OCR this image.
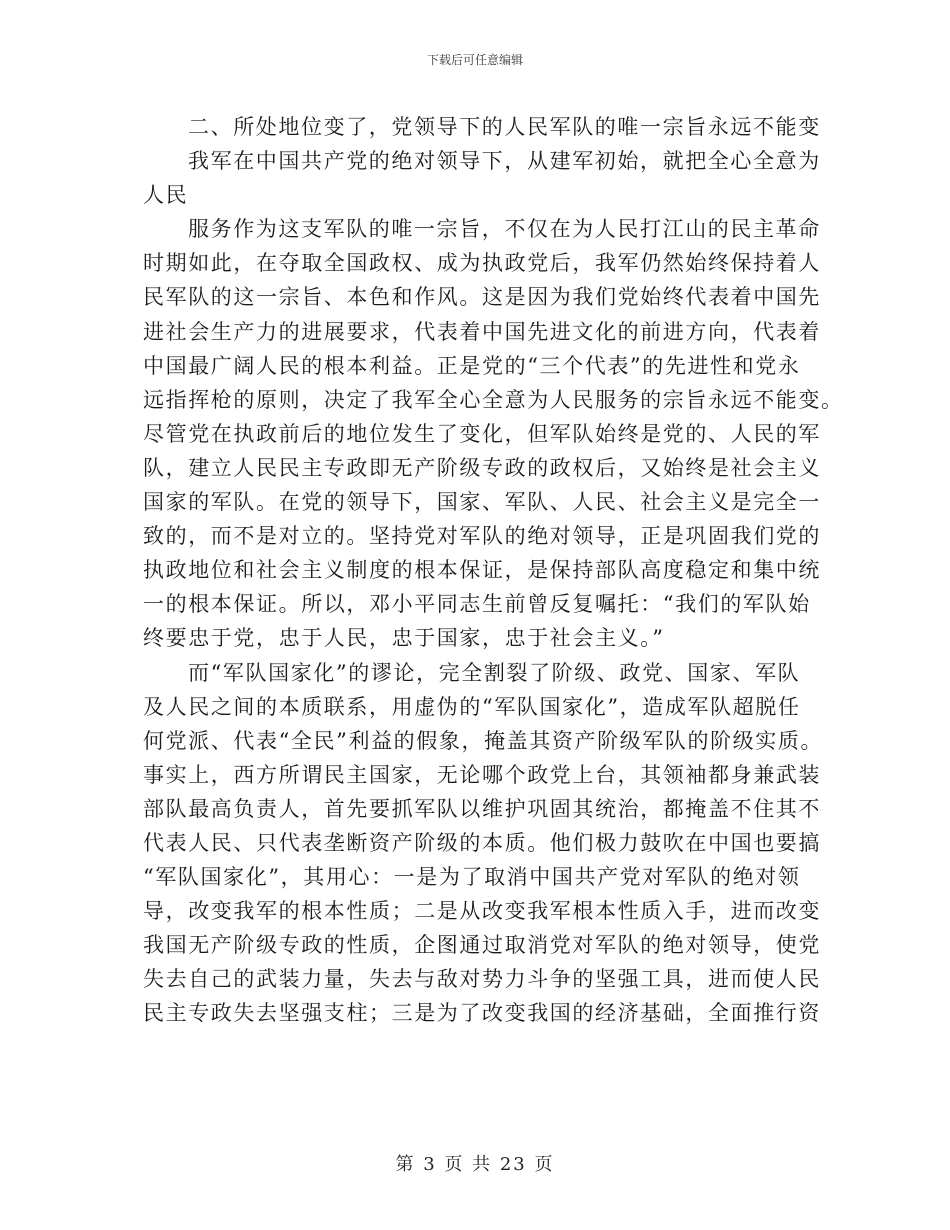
下载后可任意编辑
二、所处地位变了，党领导下的人民军队的唯一宗旨永远不能变
我军在中国共产党的绝对领导下，从建军初始，就把全心全意为
人民
服务作为这支军队的唯一宗旨，不仅在为人民打江山的民主革命
时期如此，在夺取全国政权、成为执政党后，我军仍然始终保持着人
民军队的这一宗旨、本色和作风。这是因为我们党始终代表着中国先
进社会生产力的进展要求，代表着中国先进文化的前进方向，代表着
中国最广阔人民的根本利益。正是党的“三个代表”的先进性和党永
远指挥枪的原则，决定了我军全心全意为人民服务的宗旨永远不能变。
尽管党在执政前后的地位发生了变化，但军队始终是党的、人民的军
队，建立人民民主专政即无产阶级专政的政权后，又始终是社会主义
国家的军队。在党的领导下，国家、军队、人民、社会主义是完全一
致的，而不是对立的。坚持党对军队的绝对领导，正是巩固我们党的
执政地位和社会主义制度的根本保证，是保持部队高度稳定和集中统
一的根本保证。所以，邓小平同志生前曾反复嘱托：“我们的军队始
终要忠于党，忠于人民，忠于国家，忠于社会主义。”
而“军队国家化”的谬论，完全割裂了阶级、政党、国家、军队
及人民之间的本质联系，用虚伪的“军队国家化”，造成军队超脱任
何党派、代表“全民”利益的假象，掩盖其资产阶级军队的阶级实质。
事实上，西方所谓民主国家，无论哪个政党上台，其领袖都身兼武装
部队最高负责人，首先要抓军队以维护巩固其统治，都掩盖不住其不
代表人民、只代表垄断资产阶级的本质。他们极力鼓吹在中国也要搞
“军队国家化”，其用心：一是为了取消中国共产党对军队的绝对领
导，改变我军的根本性质；二是从改变我军根本性质入手，进而改变
我国无产阶级专政的性质，企图通过取消党对军队的绝对领导，使党
失去自己的武装力量，失去与敌对势力斗争的坚强工具，进而使人民
民主专政失去坚强支柱；三是为了改变我国的经济基础，全面推行资
第 3 页 共 23 页
